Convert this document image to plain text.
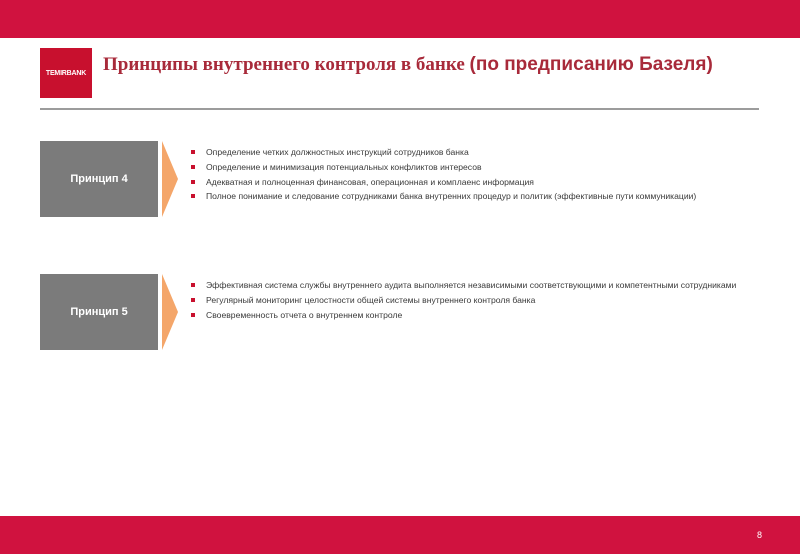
TEMIRBANK Принципы внутреннего контроля в банке (по предписанию Базеля)
Принцип 4
Определение четких должностных инструкций сотрудников банка
Определение и минимизация потенциальных конфликтов интересов
Адекватная и полноценная финансовая, операционная и комплаенс информация
Полное понимание и следование сотрудниками банка внутренних процедур и политик (эффективные пути коммуникации)
Принцип 5
Эффективная система службы внутреннего аудита выполняется независимыми соответствующими и компетентными сотрудниками
Регулярный мониторинг целостности общей системы внутреннего контроля банка
Своевременность отчета о внутреннем контроле
8
